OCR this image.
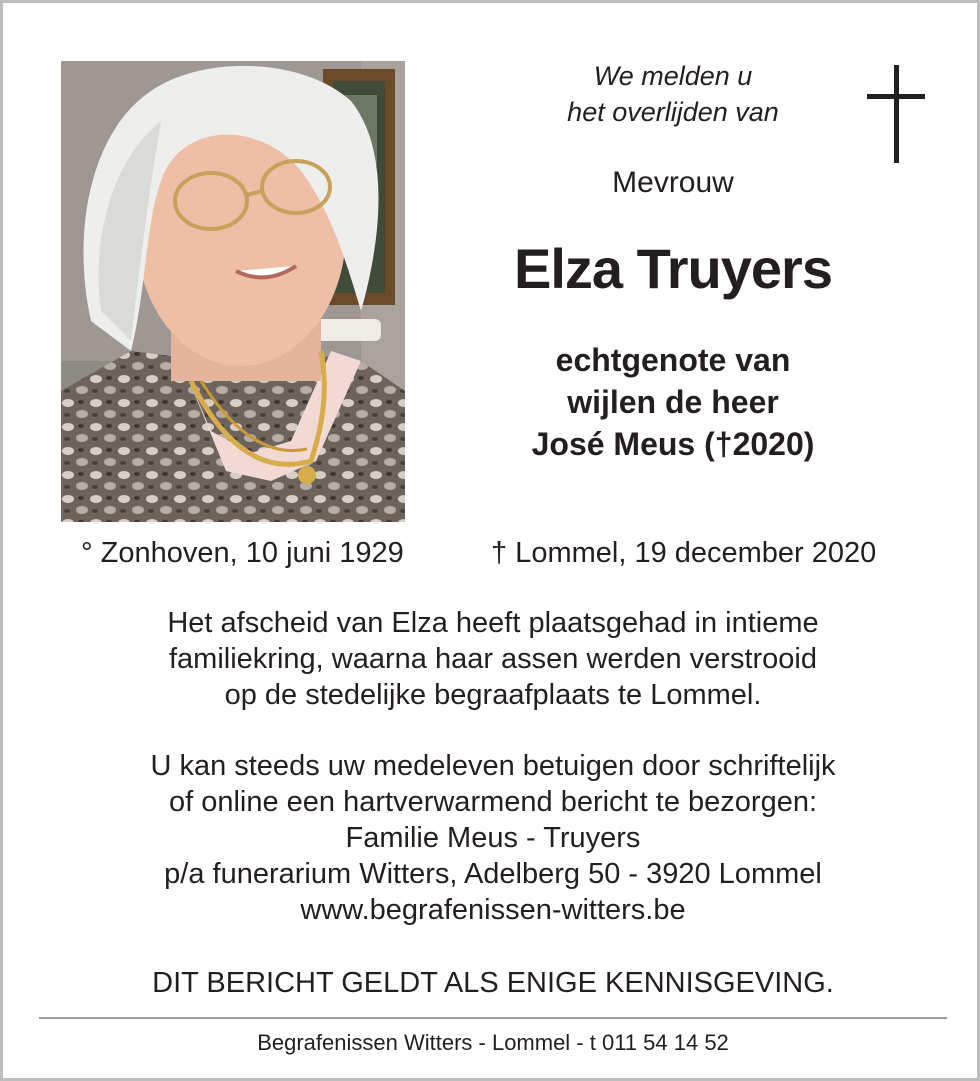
We melden u
het overlijden van
Mevrouw
Elza Truyers
echtgenote van
wijlen de heer
José Meus (†2020)
° Zonhoven, 10 juni 1929	† Lommel, 19 december 2020
Het afscheid van Elza heeft plaatsgehad in intieme
familiekring, waarna haar assen werden verstrooid
op de stedelijke begraafplaats te Lommel.
U kan steeds uw medeleven betuigen door schriftelijk
of online een hartverwarmend bericht te bezorgen:
Familie Meus - Truyers
p/a funerarium Witters, Adelberg 50 - 3920 Lommel
www.begrafenissen-witters.be
DIT BERICHT GELDT ALS ENIGE KENNISGEVING.
Begrafenissen Witters - Lommel - t 011 54 14 52
